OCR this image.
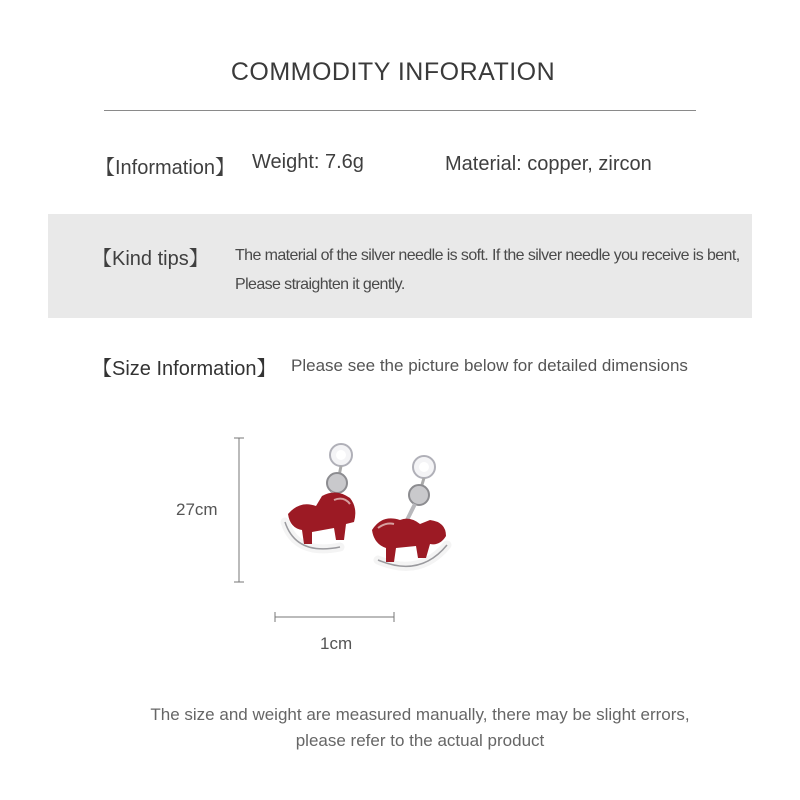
COMMODITY INFORATION
【Information】 Weight: 7.6g	Material: copper, zircon
【Kind tips】 The material of the silver needle is soft. If the silver needle you receive is bent, Please straighten it gently.
【Size Information】 Please see the picture below for detailed dimensions
27cm
1cm
The size and weight are measured manually, there may be slight errors,
please refer to the actual product
